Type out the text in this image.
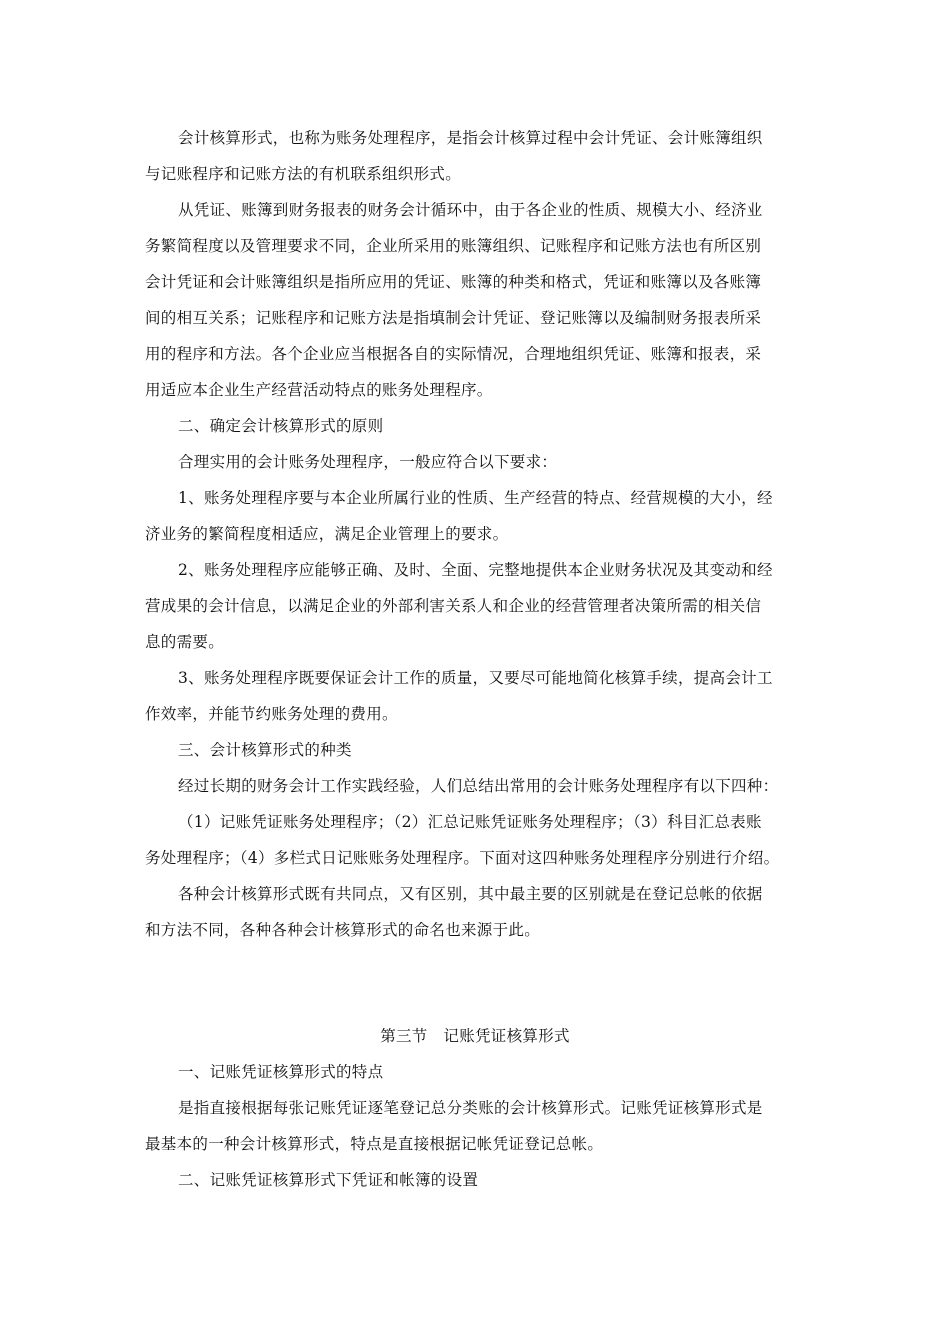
会计核算形式，也称为账务处理程序，是指会计核算过程中会计凭证、会计账簿组织
与记账程序和记账方法的有机联系组织形式。
从凭证、账簿到财务报表的财务会计循环中，由于各企业的性质、规模大小、经济业
务繁简程度以及管理要求不同，企业所采用的账簿组织、记账程序和记账方法也有所区别
会计凭证和会计账簿组织是指所应用的凭证、账簿的种类和格式，凭证和账簿以及各账簿
间的相互关系；记账程序和记账方法是指填制会计凭证、登记账簿以及编制财务报表所采
用的程序和方法。各个企业应当根据各自的实际情况，合理地组织凭证、账簿和报表，采
用适应本企业生产经营活动特点的账务处理程序。
二、确定会计核算形式的原则
合理实用的会计账务处理程序，一般应符合以下要求：
1、账务处理程序要与本企业所属行业的性质、生产经营的特点、经营规模的大小，经
济业务的繁简程度相适应，满足企业管理上的要求。
2、账务处理程序应能够正确、及时、全面、完整地提供本企业财务状况及其变动和经
营成果的会计信息，以满足企业的外部利害关系人和企业的经营管理者决策所需的相关信
息的需要。
3、账务处理程序既要保证会计工作的质量，又要尽可能地简化核算手续，提高会计工
作效率，并能节约账务处理的费用。
三、会计核算形式的种类
经过长期的财务会计工作实践经验，人们总结出常用的会计账务处理程序有以下四种：
（1）记账凭证账务处理程序；（2）汇总记账凭证账务处理程序；（3）科目汇总表账
务处理程序；（4）多栏式日记账账务处理程序。下面对这四种账务处理程序分别进行介绍。
各种会计核算形式既有共同点，又有区别，其中最主要的区别就是在登记总帐的依据
和方法不同，各种各种会计核算形式的命名也来源于此。
第三节　记账凭证核算形式
一、记账凭证核算形式的特点
是指直接根据每张记账凭证逐笔登记总分类账的会计核算形式。记账凭证核算形式是
最基本的一种会计核算形式，特点是直接根据记帐凭证登记总帐。
二、记账凭证核算形式下凭证和帐簿的设置
